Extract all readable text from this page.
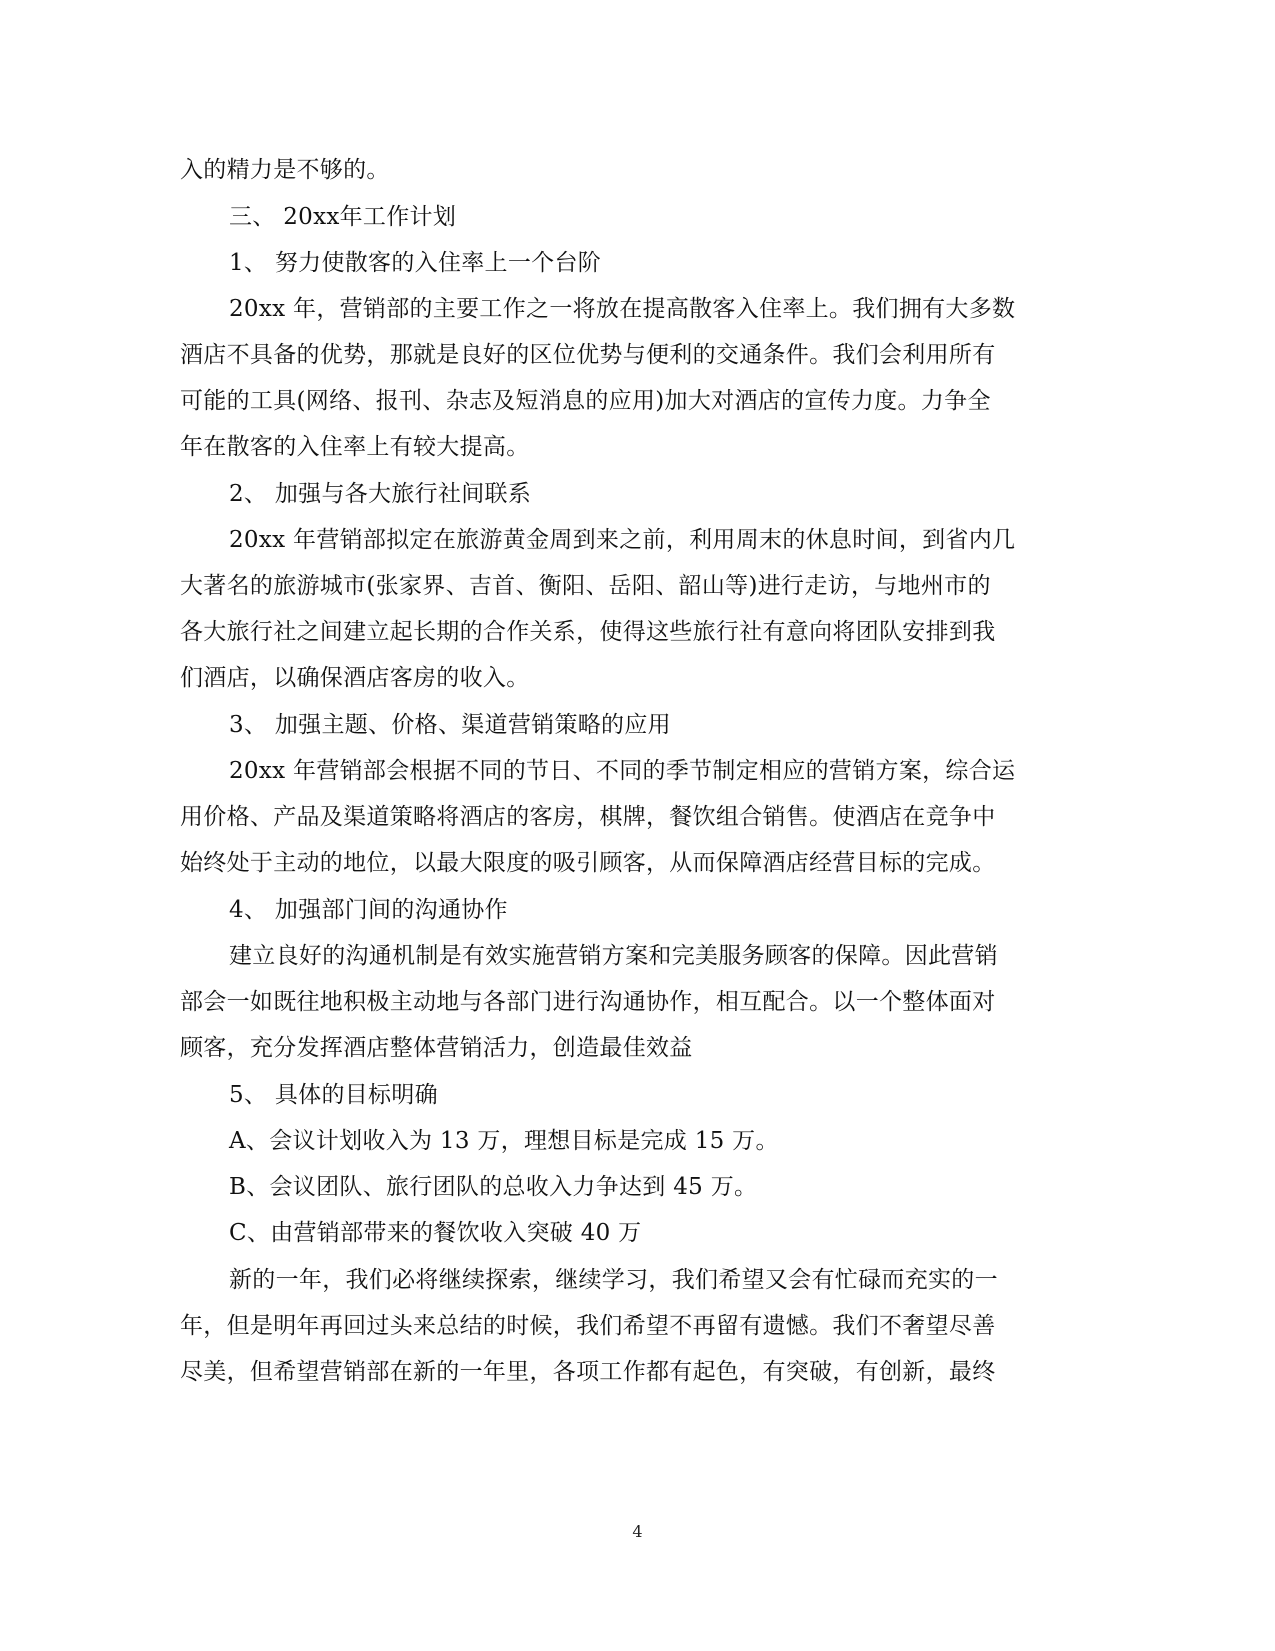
入的精力是不够的。
三、 20xx年工作计划
1、 努力使散客的入住率上一个台阶
20xx 年，营销部的主要工作之一将放在提高散客入住率上。我们拥有大多数
酒店不具备的优势，那就是良好的区位优势与便利的交通条件。我们会利用所有
可能的工具(网络、报刊、杂志及短消息的应用)加大对酒店的宣传力度。力争全
年在散客的入住率上有较大提高。
2、 加强与各大旅行社间联系
20xx 年营销部拟定在旅游黄金周到来之前，利用周末的休息时间，到省内几
大著名的旅游城市(张家界、吉首、衡阳、岳阳、韶山等)进行走访，与地州市的
各大旅行社之间建立起长期的合作关系，使得这些旅行社有意向将团队安排到我
们酒店，以确保酒店客房的收入。
3、 加强主题、价格、渠道营销策略的应用
20xx 年营销部会根据不同的节日、不同的季节制定相应的营销方案，综合运
用价格、产品及渠道策略将酒店的客房，棋牌，餐饮组合销售。使酒店在竞争中
始终处于主动的地位，以最大限度的吸引顾客，从而保障酒店经营目标的完成。
4、 加强部门间的沟通协作
建立良好的沟通机制是有效实施营销方案和完美服务顾客的保障。因此营销
部会一如既往地积极主动地与各部门进行沟通协作，相互配合。以一个整体面对
顾客，充分发挥酒店整体营销活力，创造最佳效益
5、 具体的目标明确
A、会议计划收入为 13 万，理想目标是完成 15 万。
B、会议团队、旅行团队的总收入力争达到 45 万。
C、由营销部带来的餐饮收入突破 40 万
新的一年，我们必将继续探索，继续学习，我们希望又会有忙碌而充实的一
年，但是明年再回过头来总结的时候，我们希望不再留有遗憾。我们不奢望尽善
尽美，但希望营销部在新的一年里，各项工作都有起色，有突破，有创新，最终
4
